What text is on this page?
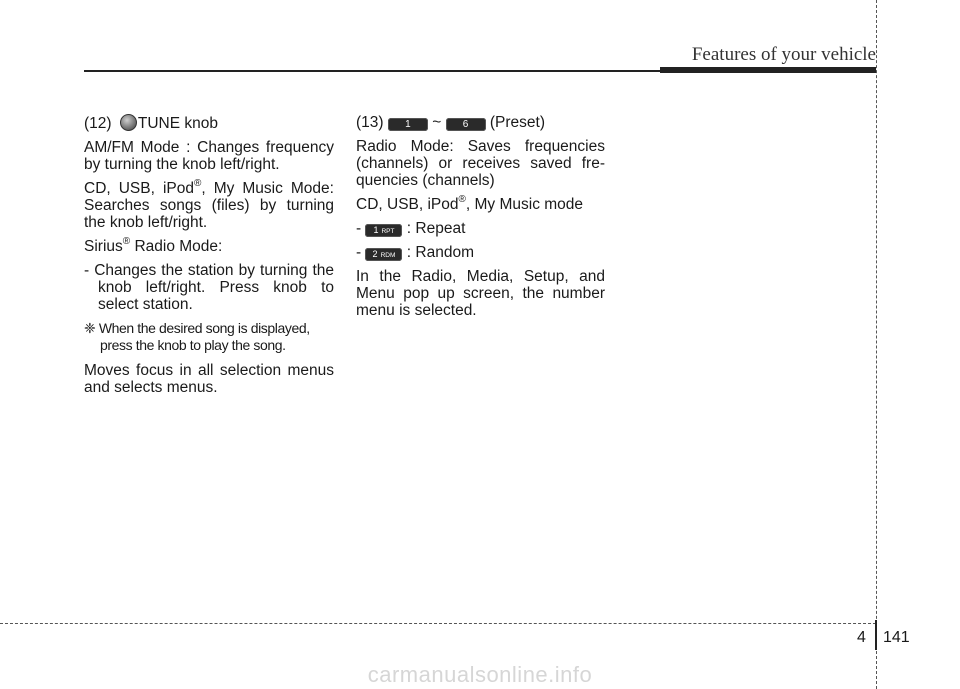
Features of your vehicle

(12) TUNE knob

AM/FM Mode : Changes frequency by turning the knob left/right.

CD, USB, iPod®, My Music Mode: Searches songs (files) by turning the knob left/right.

Sirius® Radio Mode:

- Changes the station by turning the knob left/right. Press knob to select station.

❈ When the desired song is displayed, press the knob to play the song.

Moves focus in all selection menus and selects menus.

(13) 1 ~ 6 (Preset)

Radio Mode: Saves frequencies (channels) or receives saved fre- quencies (channels)

CD, USB, iPod®, My Music mode

- 1 RPT : Repeat

- 2 RDM : Random

In the Radio, Media, Setup, and Menu pop up screen, the number menu is selected.

4 141
carmanualsonline.info
